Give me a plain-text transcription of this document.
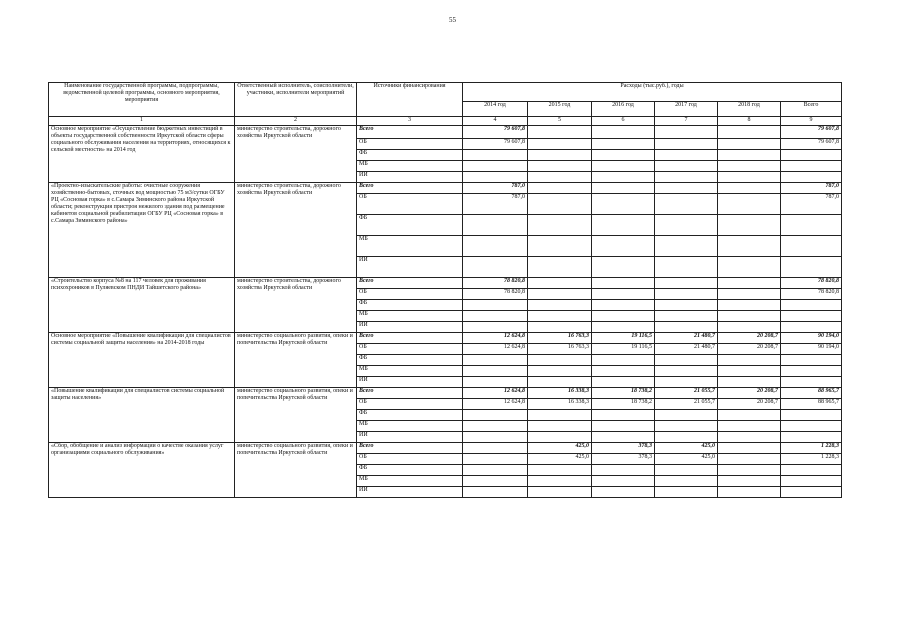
55
Наименование государственной программы, подпрограммы, ведомственной целевой программы, основного мероприятия, мероприятия	Ответственный исполнитель, соисполнители, участники, исполнители мероприятий	Источники финансирования	Расходы (тыс.руб.), годы					
			2014 год	2015 год	2016 год	2017 год	2018 год	Всего
1	2	3	4	5	6	7	8	9
Основное мероприятие «Осуществление бюджетных инвестиций в объекты государственной собственности Иркутской области сферы социального обслуживания населения на территориях, относящихся к сельской местности» на 2014 год	министерство строительства, дорожного хозяйства Иркутской области	Всего	79 607,8					79 607,8
		ОБ	79 607,8					79 607,8
		ФБ						
		МБ						
		ИИ						
«Проектно-изыскательские работы: очистные сооружения хозяйственно-бытовых, сточных вод мощностью 75 м3/сутки ОГБУ РЦ «Сосновая горка» в с.Самара Зиминского района Иркутской области; реконструкция пристроя нежилого здания под размещение кабинетов социальной реабилитации ОГБУ РЦ «Сосновая горка» в с.Самара Зиминского района»	министерство строительства, дорожного хозяйства Иркутской области	Всего	787,0					787,0
		ОБ	787,0					787,0
		ФБ						
		МБ						
		ИИ						
«Строительство корпуса №8 на 117 человек для проживания психохроников в Пуляевском ПНДИ Тайшетского района»	министерство строительства, дорожного хозяйства Иркутской области	Всего	78 820,8					78 820,8
		ОБ	78 820,8					78 820,8
		ФБ						
		МБ						
		ИИ						
Основное мероприятие «Повышение квалификации для специалистов системы социальной защиты населения» на 2014-2018 годы	министерство социального развития, опеки и попечительства Иркутской области	Всего	12 624,8	16 763,3	19 116,5	21 480,7	20 208,7	90 194,0
		ОБ	12 624,8	16 763,3	19 116,5	21 480,7	20 208,7	90 194,0
		ФБ						
		МБ						
		ИИ						
«Повышение квалификации для специалистов системы социальной защиты населения»	министерство социального развития, опеки и попечительства Иркутской области	Всего	12 624,8	16 338,3	18 738,2	21 055,7	20 208,7	88 965,7
		ОБ	12 624,8	16 338,3	18 738,2	21 055,7	20 208,7	88 965,7
		ФБ						
		МБ						
		ИИ						
«Сбор, обобщение и анализ информации о качестве оказания услуг организациями социального обслуживания»	министерство социального развития, опеки и попечительства Иркутской области	Всего		425,0	378,3	425,0		1 228,3
		ОБ		425,0	378,3	425,0		1 228,3
		ФБ						
		МБ						
		ИИ						
